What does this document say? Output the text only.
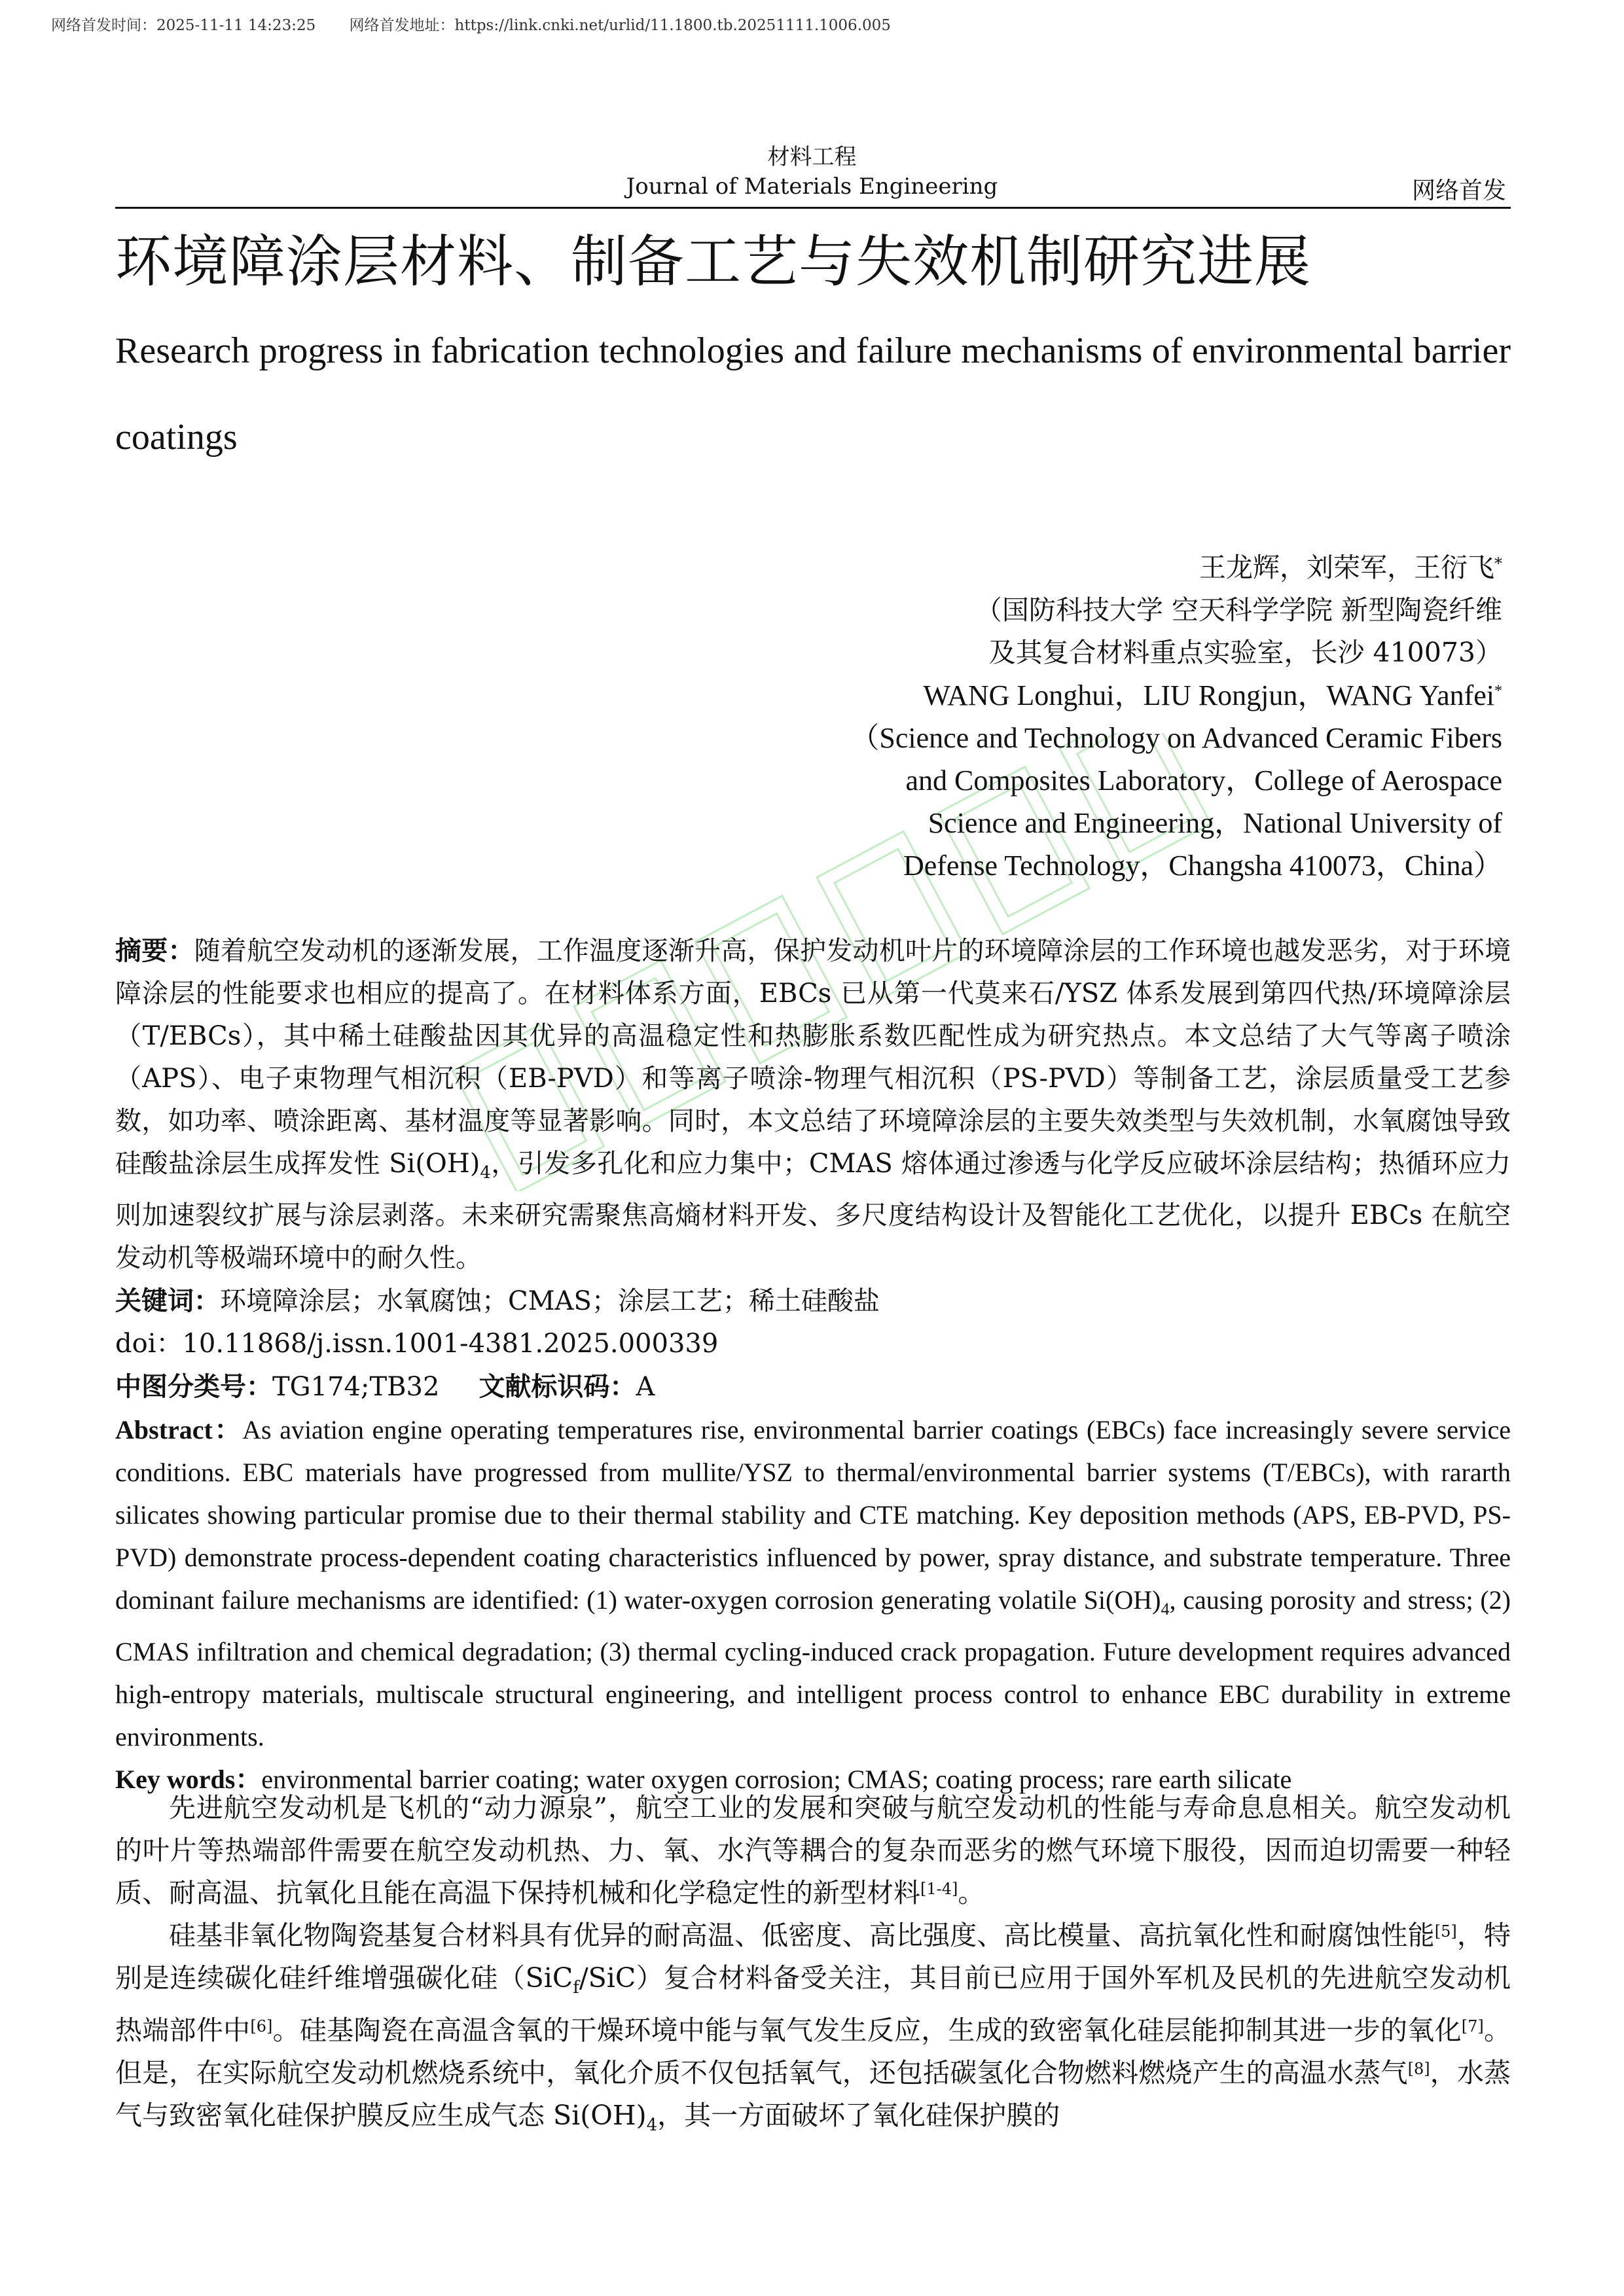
网络首发时间：2025-11-11 14:23:25 网络首发地址：https://link.cnki.net/urlid/11.1800.tb.20251111.1006.005
材料工程
Journal of Materials Engineering	网络首发
环境障涂层材料、制备工艺与失效机制研究进展
Research progress in fabrication technologies and failure mechanisms of environmental barrier coatings
王龙辉，刘荣军，王衍飞*
（国防科技大学 空天科学学院 新型陶瓷纤维
及其复合材料重点实验室，长沙 410073）
WANG Longhui，LIU Rongjun，WANG Yanfei*
（Science and Technology on Advanced Ceramic Fibers
and Composites Laboratory，College of Aerospace
Science and Engineering，National University of
Defense Technology，Changsha 410073，China）

摘要：随着航空发动机的逐渐发展，工作温度逐渐升高，保护发动机叶片的环境障涂层的工作环境也越发恶劣，对于环境障涂层的性能要求也相应的提高了。在材料体系方面，EBCs 已从第一代莫来石/YSZ 体系发展到第四代热/环境障涂层（T/EBCs），其中稀土硅酸盐因其优异的高温稳定性和热膨胀系数匹配性成为研究热点。本文总结了大气等离子喷涂（APS）、电子束物理气相沉积（EB-PVD）和等离子喷涂-物理气相沉积（PS-PVD）等制备工艺，涂层质量受工艺参数，如功率、喷涂距离、基材温度等显著影响。同时，本文总结了环境障涂层的主要失效类型与失效机制，水氧腐蚀导致硅酸盐涂层生成挥发性 $Si(OH)_4$，引发多孔化和应力集中；CMAS 熔体通过渗透与化学反应破坏涂层结构；热循环应力则加速裂纹扩展与涂层剥落。未来研究需聚焦高熵材料开发、多尺度结构设计及智能化工艺优化，以提升 EBCs 在航空发动机等极端环境中的耐久性。

关键词：环境障涂层；水氧腐蚀；CMAS；涂层工艺；稀土硅酸盐

doi：10.11868/j.issn.1001-4381.2025.000339

中图分类号：TG174;TB32 文献标识码：A

Abstract：As aviation engine operating temperatures rise, environmental barrier coatings (EBCs) face increasingly severe service conditions. EBC materials have progressed from mullite/YSZ to thermal/environmental barrier systems (T/EBCs), with rararth silicates showing particular promise due to their thermal stability and CTE matching. Key deposition methods (APS, EB-PVD, PS-PVD) demonstrate process-dependent coating characteristics influenced by power, spray distance, and substrate temperature. Three dominant failure mechanisms are identified: (1) water-oxygen corrosion generating volatile $Si(OH)_4$, causing porosity and stress; (2) CMAS infiltration and chemical degradation; (3) thermal cycling-induced crack propagation. Future development requires advanced high-entropy materials, multiscale structural engineering, and intelligent process control to enhance EBC durability in extreme environments.

Key words：environmental barrier coating; water oxygen corrosion; CMAS; coating process; rare earth silicate

先进航空发动机是飞机的“动力源泉”，航空工业的发展和突破与航空发动机的性能与寿命息息相关。航空发动机的叶片等热端部件需要在航空发动机热、力、氧、水汽等耦合的复杂而恶劣的燃气环境下服役，因而迫切需要一种轻质、耐高温、抗氧化且能在高温下保持机械和化学稳定性的新型材料[1-4]。

硅基非氧化物陶瓷基复合材料具有优异的耐高温、低密度、高比强度、高比模量、高抗氧化性和耐腐蚀性能[5]，特别是连续碳化硅纤维增强碳化硅（SiC$_f$/SiC）复合材料备受关注，其目前已应用于国外军机及民机的先进航空发动机热端部件中[6]。硅基陶瓷在高温含氧的干燥环境中能与氧气发生反应，生成的致密氧化硅层能抑制其进一步的氧化[7]。但是，在实际航空发动机燃烧系统中，氧化介质不仅包括氧气，还包括碳氢化合物燃料燃烧产生的高温水蒸气[8]，水蒸气与致密氧化硅保护膜反应生成气态 $Si(OH)_4$，其一方面破坏了氧化硅保护膜的
